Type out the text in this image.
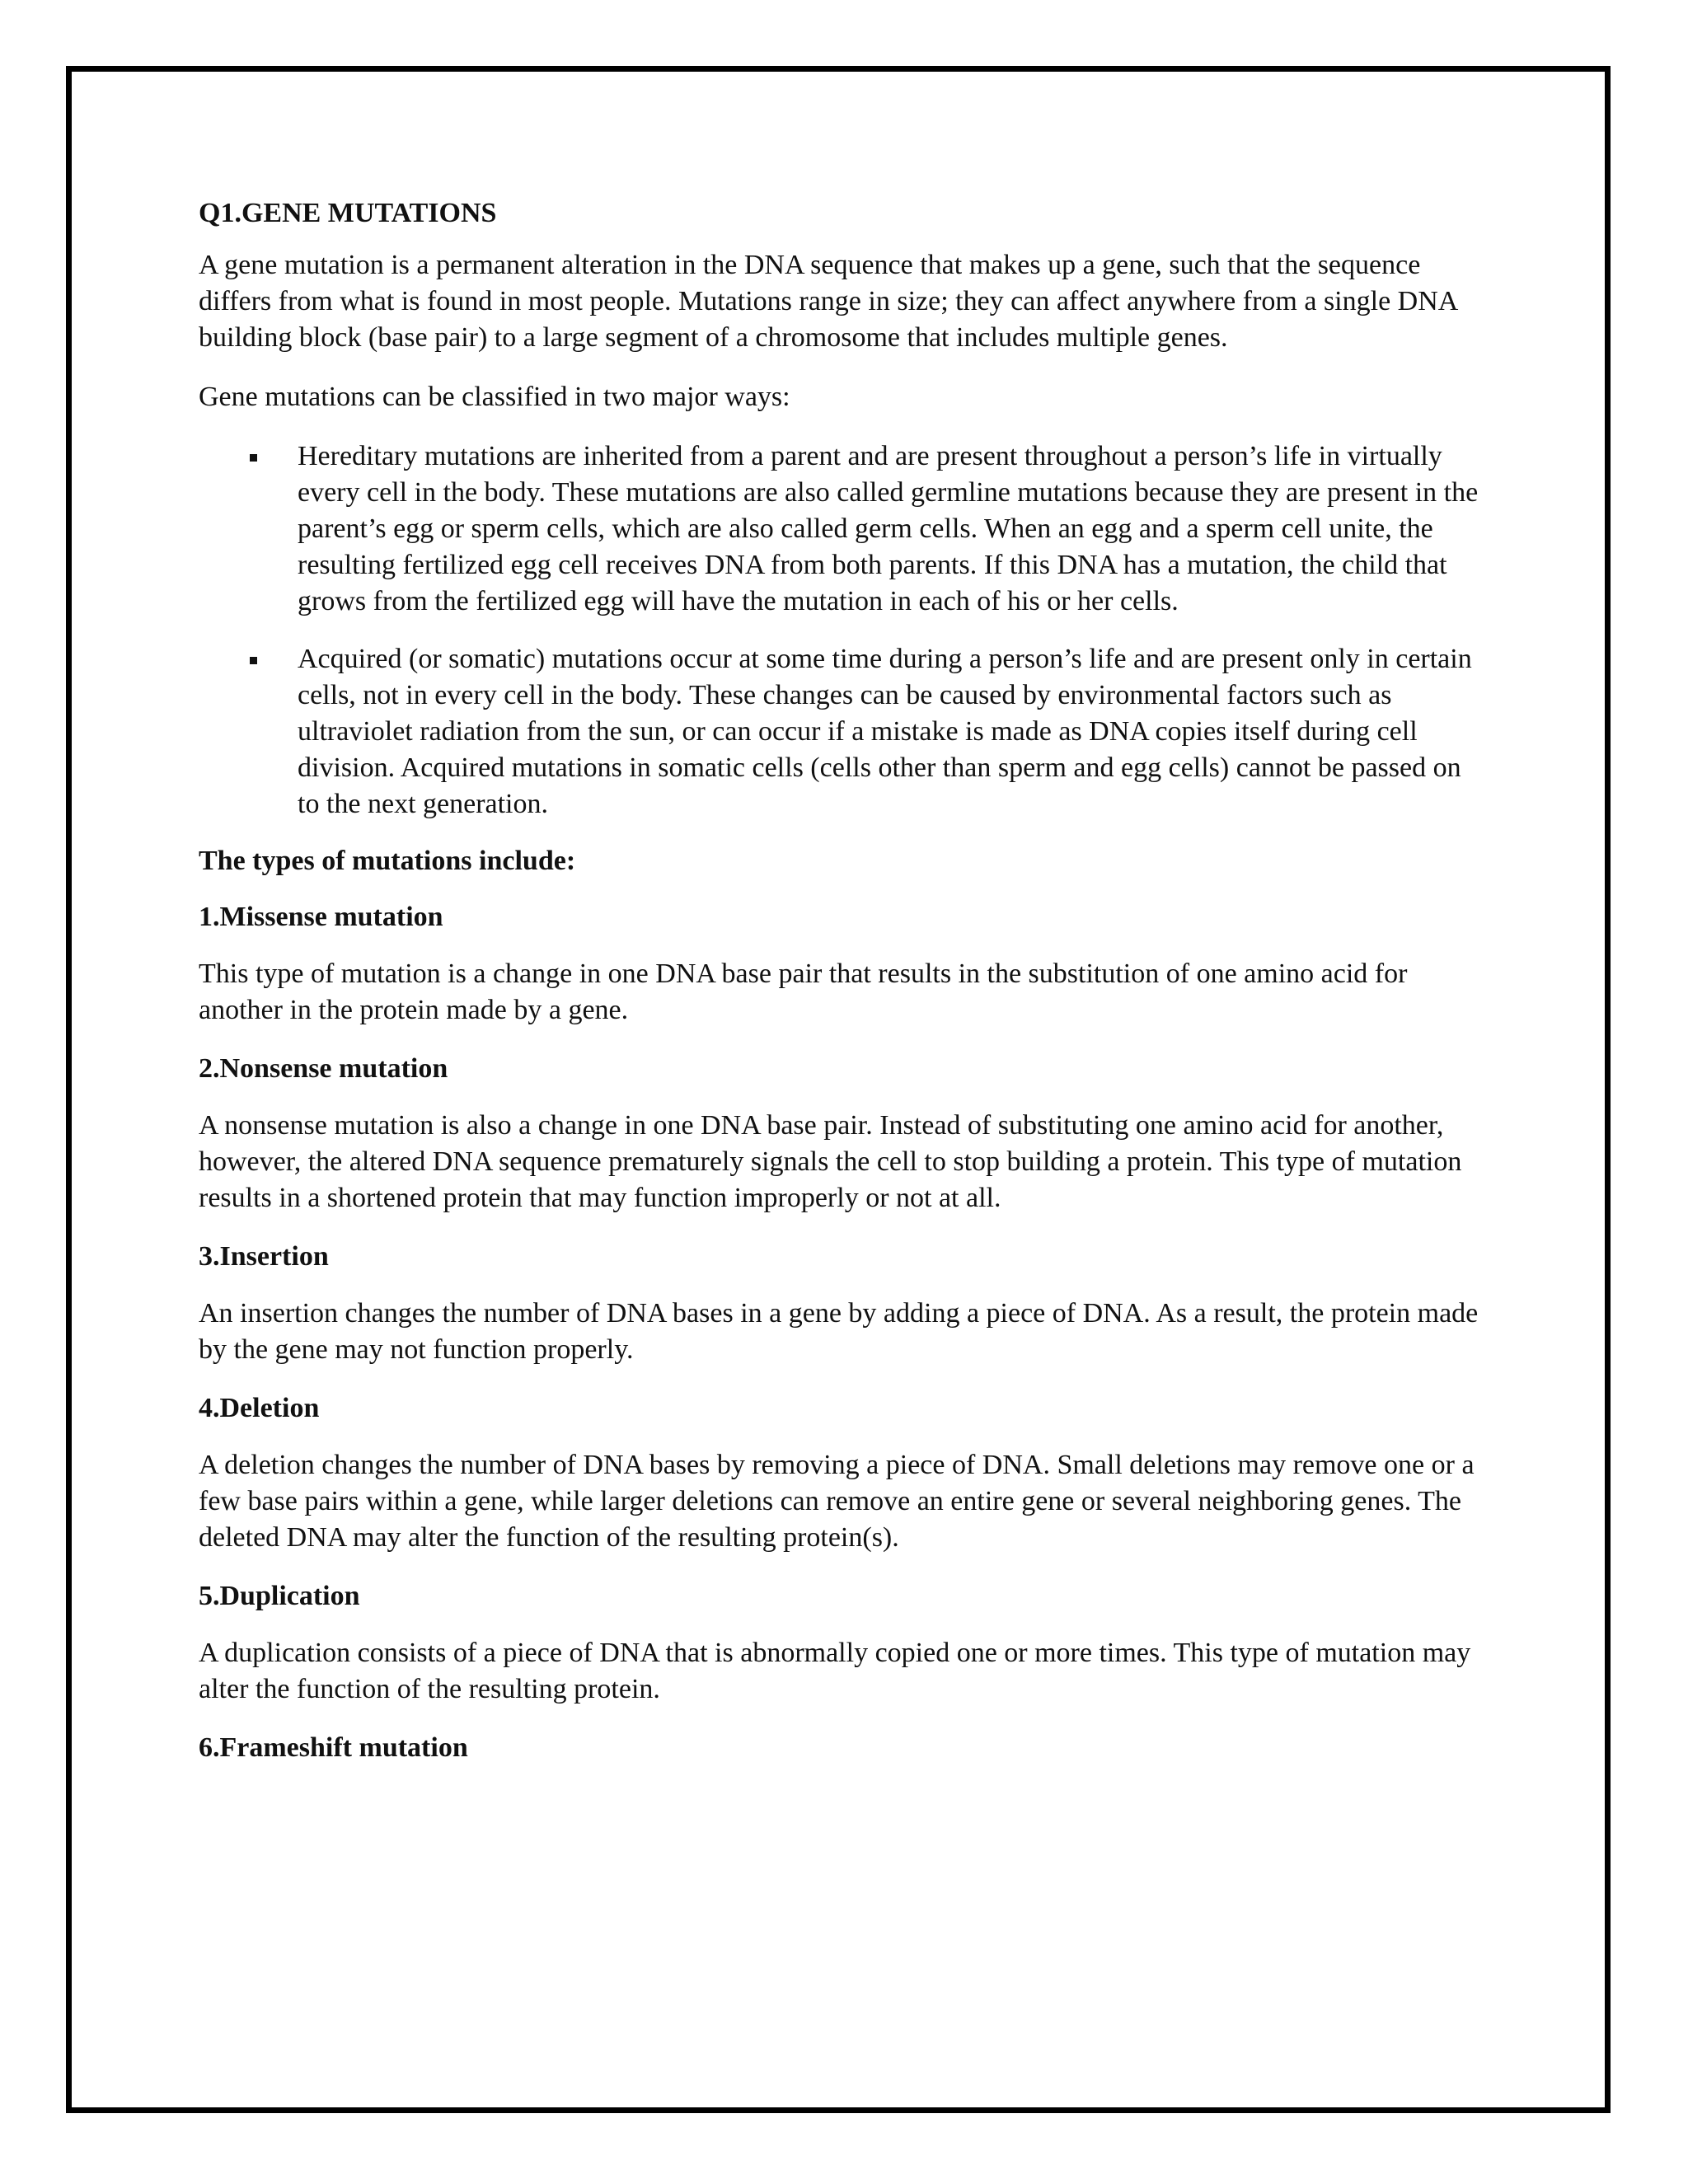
Q1.GENE MUTATIONS

A gene mutation is a permanent alteration in the DNA sequence that makes up a gene, such that the sequence differs from what is found in most people. Mutations range in size; they can affect anywhere from a single DNA building block (base pair) to a large segment of a chromosome that includes multiple genes.

Gene mutations can be classified in two major ways:

Hereditary mutations are inherited from a parent and are present throughout a person’s life in virtually every cell in the body. These mutations are also called germline mutations because they are present in the parent’s egg or sperm cells, which are also called germ cells. When an egg and a sperm cell unite, the resulting fertilized egg cell receives DNA from both parents. If this DNA has a mutation, the child that grows from the fertilized egg will have the mutation in each of his or her cells.
Acquired (or somatic) mutations occur at some time during a person’s life and are present only in certain cells, not in every cell in the body. These changes can be caused by environmental factors such as ultraviolet radiation from the sun, or can occur if a mistake is made as DNA copies itself during cell division. Acquired mutations in somatic cells (cells other than sperm and egg cells) cannot be passed on to the next generation.
The types of mutations include:
1.Missense mutation

This type of mutation is a change in one DNA base pair that results in the substitution of one amino acid for another in the protein made by a gene.

2.Nonsense mutation

A nonsense mutation is also a change in one DNA base pair. Instead of substituting one amino acid for another, however, the altered DNA sequence prematurely signals the cell to stop building a protein. This type of mutation results in a shortened protein that may function improperly or not at all.

3.Insertion

An insertion changes the number of DNA bases in a gene by adding a piece of DNA. As a result, the protein made by the gene may not function properly.

4.Deletion

A deletion changes the number of DNA bases by removing a piece of DNA. Small deletions may remove one or a few base pairs within a gene, while larger deletions can remove an entire gene or several neighboring genes. The deleted DNA may alter the function of the resulting protein(s).

5.Duplication

A duplication consists of a piece of DNA that is abnormally copied one or more times. This type of mutation may alter the function of the resulting protein.

6.Frameshift mutation
